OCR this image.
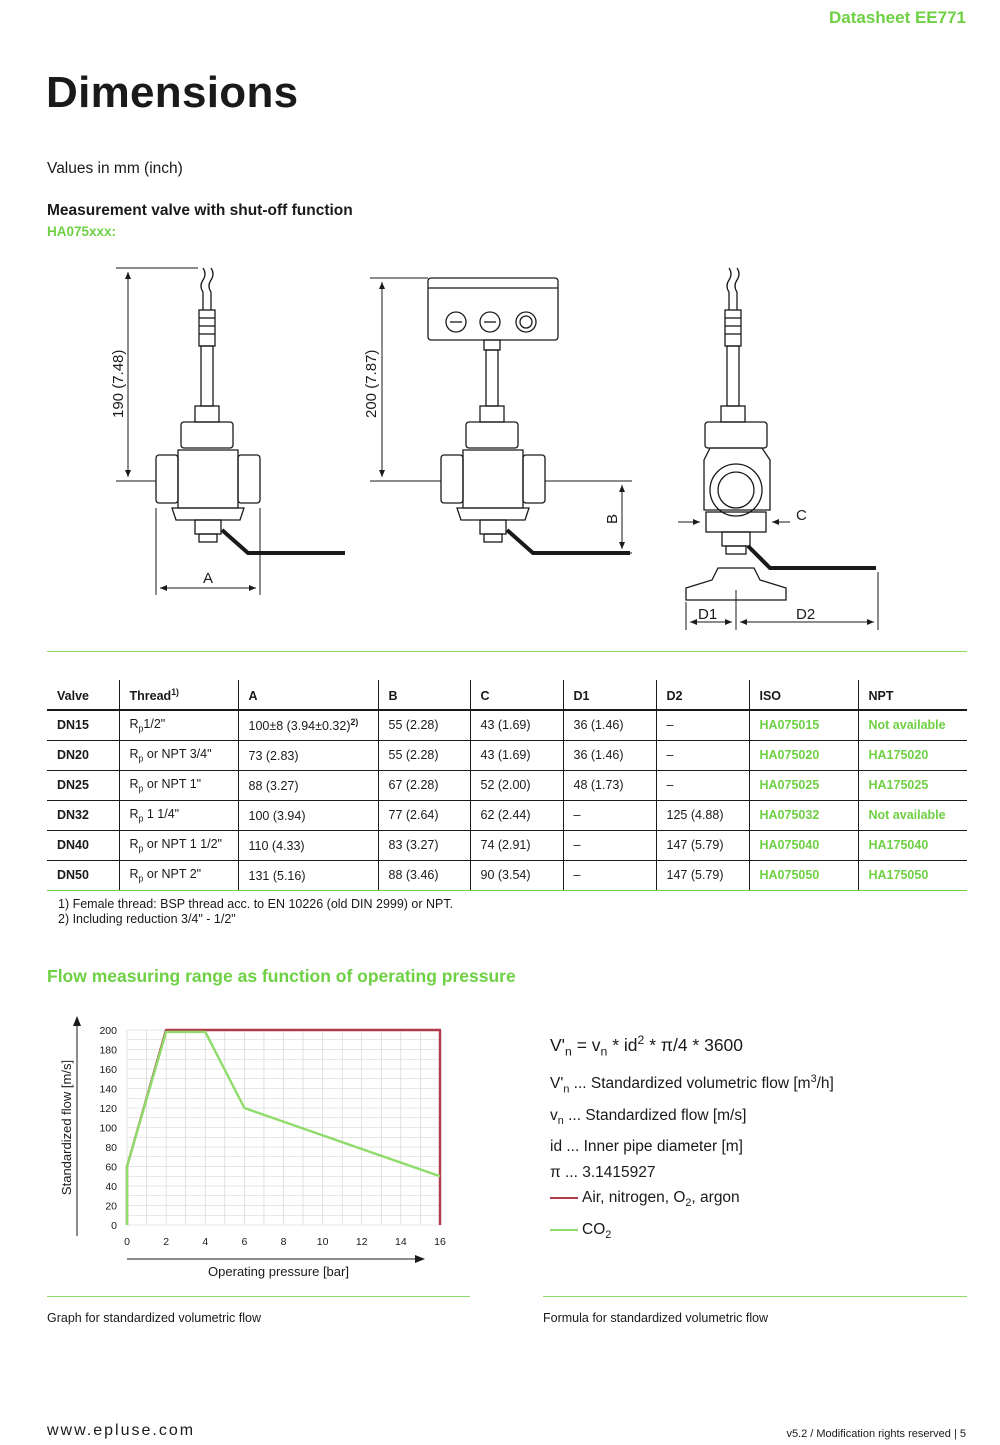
Datasheet EE771
Dimensions
Values in mm (inch)
Measurement valve with shut-off function
HA075xxx:
190 (7.48)	200 (7.87)
A
B	C
D1	D2
Valve	Thread$^{1)}$	A	B	C	D1	D2	ISO	NPT
DN15	$R_p1/2$"	100±8 $(3.94\pm 0.32)^{2)}$	55 (2.28)	43 (1.69)	36 (1.46)	–	HA075015	Not available
DN20	$R_p$ or NPT 3/4"	73 (2.83)	55 (2.28)	43 (1.69)	36 (1.46)	–	HA075020	HA175020
DN25	$R_p$ or NPT 1"	88 (3.27)	67 (2.28)	52 (2.00)	48 (1.73)	–	HA075025	HA175025
DN32	$R_p$ 1 1/4"	100 (3.94)	77 (2.64)	62 (2.44)	–	125 (4.88)	HA075032	Not available
DN40	$R_p$ or NPT 1 1/2"	110 (4.33)	83 (3.27)	74 (2.91)	–	147 (5.79)	HA075040	HA175040
DN50	$R_p$ or NPT 2"	131 (5.16)	88 (3.46)	90 (3.54)	–	147 (5.79)	HA075050	HA175050
1) Female thread: BSP thread acc. to EN 10226 (old DIN 2999) or NPT.
2) Including reduction 3/4" - 1/2"
Flow measuring range as function of operating pressure
0	2	4	6	8	10	12	14	16
0
20
40
60
80
100
120
140
160
180
200
Operating pressure [bar]
Standardized flow [m/s]
$V'_n = v_n * id^2 * \pi/4 * 3600$
$V'_n$ ... Standardized volumetric flow $[m^3/h]$
$v_n$ ... Standardized flow [m/s]
id ... Inner pipe diameter [m]
π ... 3.1415927
Air, nitrogen, $O_2$, argon
$CO_2$
Graph for standardized volumetric flow	Formula for standardized volumetric flow
www.epluse.com	v5.2 / Modification rights reserved | 5
